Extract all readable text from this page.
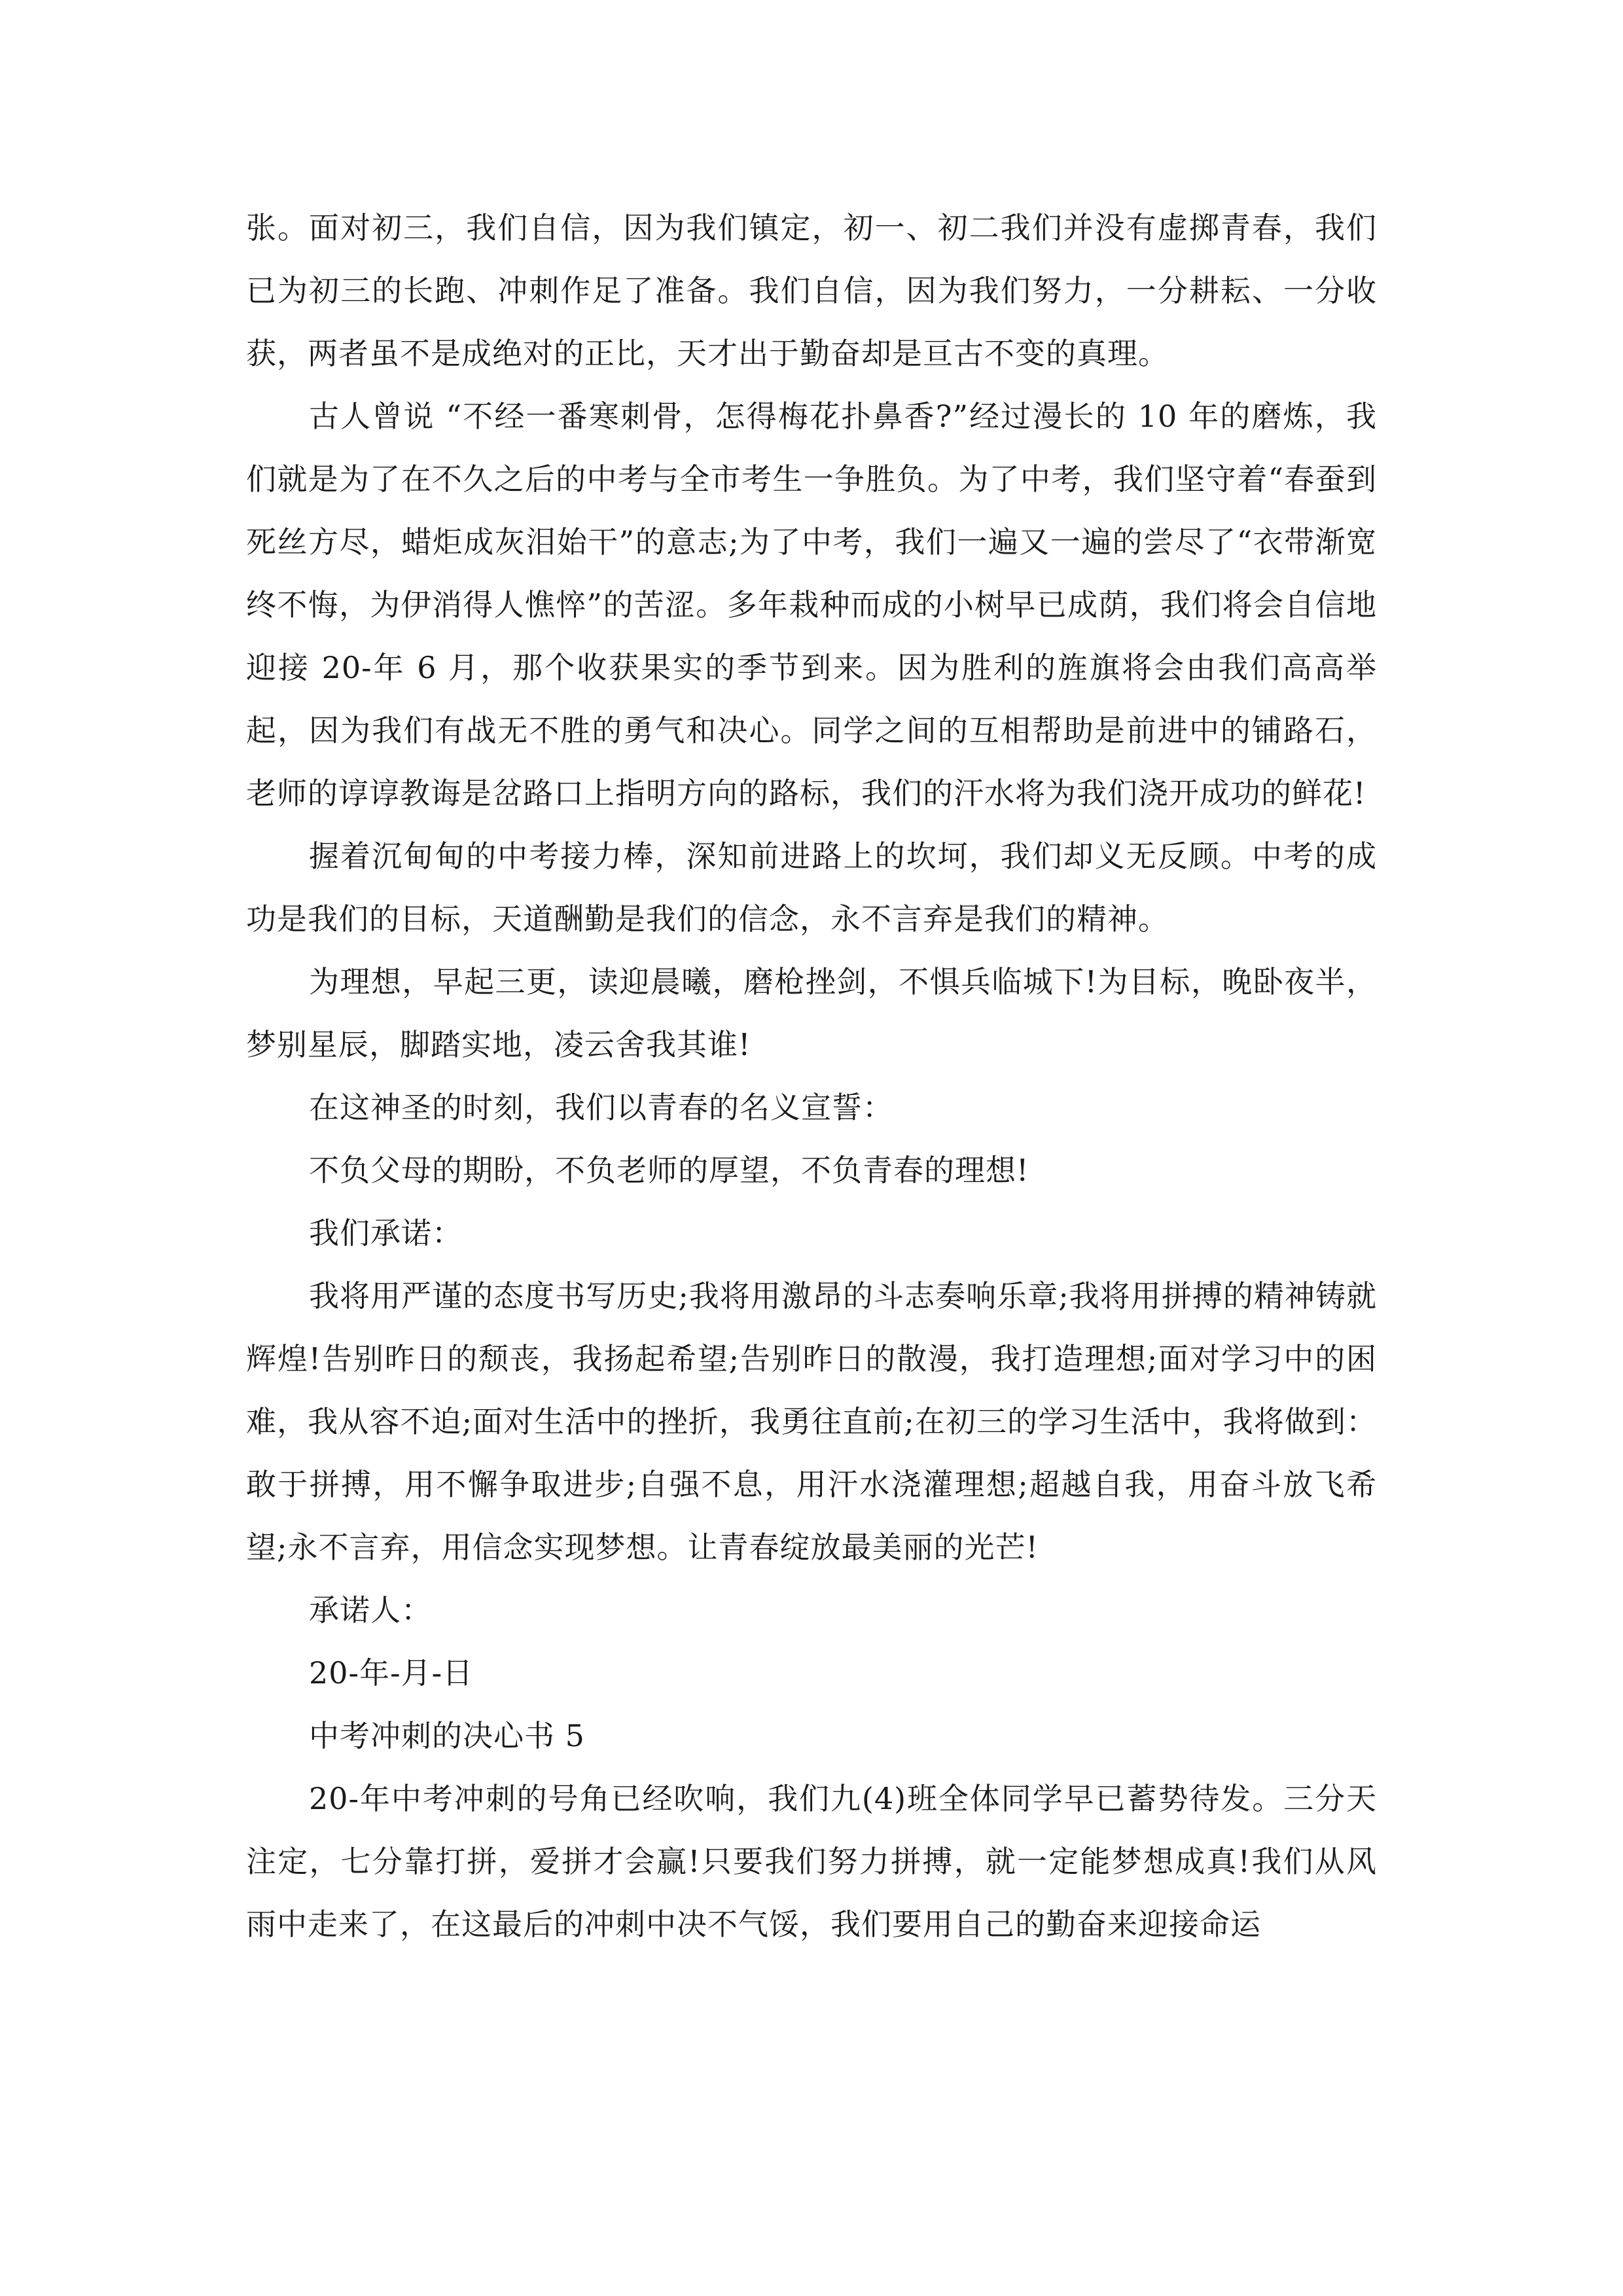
张。面对初三，我们自信，因为我们镇定，初一、初二我们并没有虚掷青春，我们已为初三的长跑、冲刺作足了准备。我们自信，因为我们努力，一分耕耘、一分收获，两者虽不是成绝对的正比，天才出于勤奋却是亘古不变的真理。

古人曾说 “不经一番寒刺骨，怎得梅花扑鼻香?”经过漫长的 10 年的磨炼，我们就是为了在不久之后的中考与全市考生一争胜负。为了中考，我们坚守着“春蚕到死丝方尽，蜡炬成灰泪始干”的意志;为了中考，我们一遍又一遍的尝尽了“衣带渐宽终不悔，为伊消得人憔悴”的苦涩。多年栽种而成的小树早已成荫，我们将会自信地迎接 20-年 6 月，那个收获果实的季节到来。因为胜利的旌旗将会由我们高高举起，因为我们有战无不胜的勇气和决心。同学之间的互相帮助是前进中的铺路石，老师的谆谆教诲是岔路口上指明方向的路标，我们的汗水将为我们浇开成功的鲜花!

握着沉甸甸的中考接力棒，深知前进路上的坎坷，我们却义无反顾。中考的成功是我们的目标，天道酬勤是我们的信念，永不言弃是我们的精神。

为理想，早起三更，读迎晨曦，磨枪挫剑，不惧兵临城下!为目标，晚卧夜半，梦别星辰，脚踏实地，凌云舍我其谁!

在这神圣的时刻，我们以青春的名义宣誓：

不负父母的期盼，不负老师的厚望，不负青春的理想!

我们承诺：

我将用严谨的态度书写历史;我将用激昂的斗志奏响乐章;我将用拼搏的精神铸就辉煌!告别昨日的颓丧，我扬起希望;告别昨日的散漫，我打造理想;面对学习中的困难，我从容不迫;面对生活中的挫折，我勇往直前;在初三的学习生活中，我将做到：敢于拼搏，用不懈争取进步;自强不息，用汗水浇灌理想;超越自我，用奋斗放飞希望;永不言弃，用信念实现梦想。让青春绽放最美丽的光芒!

承诺人：

20-年-月-日

中考冲刺的决心书 5

20-年中考冲刺的号角已经吹响，我们九(4)班全体同学早已蓄势待发。三分天注定，七分靠打拼，爱拼才会赢!只要我们努力拼搏，就一定能梦想成真!我们从风雨中走来了，在这最后的冲刺中决不气馁，我们要用自己的勤奋来迎接命运
